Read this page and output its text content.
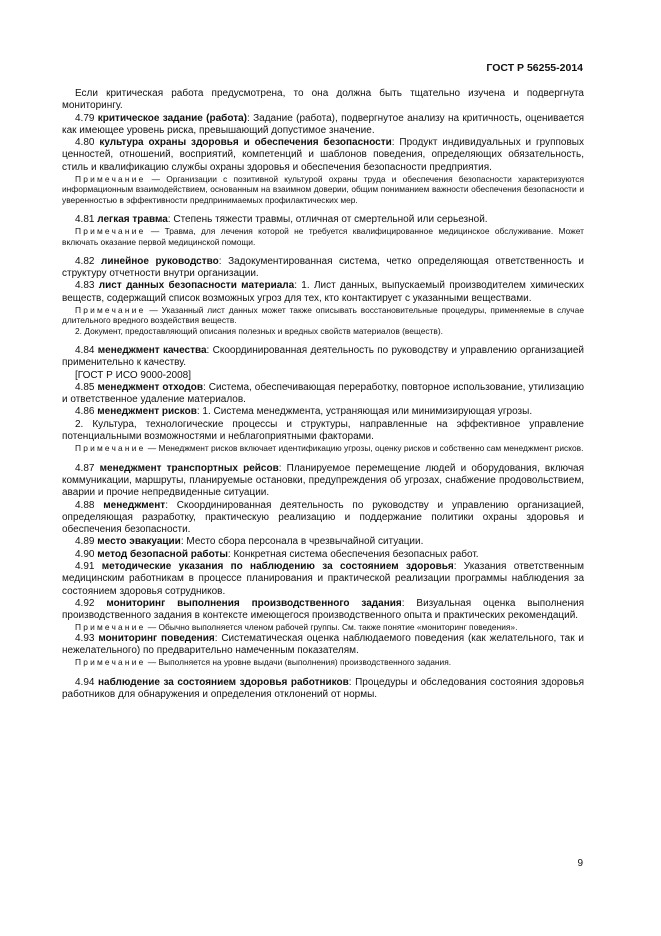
ГОСТ Р 56255-2014

Если критическая работа предусмотрена, то она должна быть тщательно изучена и подвергнута мониторингу.

4.79 критическое задание (работа): Задание (работа), подвергнутое анализу на критичность, оценивается как имеющее уровень риска, превышающий допустимое значение.

4.80 культура охраны здоровья и обеспечения безопасности: Продукт индивидуальных и групповых ценностей, отношений, восприятий, компетенций и шаблонов поведения, определяющих обязательность, стиль и квалификацию службы охраны здоровья и обеспечения безопасности предприятия.

Примечание — Организации с позитивной культурой охраны труда и обеспечения безопасности характеризуются информационным взаимодействием, основанным на взаимном доверии, общим пониманием важности обеспечения безопасности и уверенностью в эффективности предпринимаемых профилактических мер.

4.81 легкая травма: Степень тяжести травмы, отличная от смертельной или серьезной.

Примечание — Травма, для лечения которой не требуется квалифицированное медицинское обслуживание. Может включать оказание первой медицинской помощи.

4.82 линейное руководство: Задокументированная система, четко определяющая ответственность и структуру отчетности внутри организации.

4.83 лист данных безопасности материала: 1. Лист данных, выпускаемый производителем химических веществ, содержащий список возможных угроз для тех, кто контактирует с указанными веществами.

Примечание — Указанный лист данных может также описывать восстановительные процедуры, применяемые в случае длительного вредного воздействия веществ.

2. Документ, предоставляющий описания полезных и вредных свойств материалов (веществ).

4.84 менеджмент качества: Скоординированная деятельность по руководству и управлению организацией применительно к качеству.

[ГОСТ Р ИСО 9000-2008]

4.85 менеджмент отходов: Система, обеспечивающая переработку, повторное использование, утилизацию и ответственное удаление материалов.

4.86 менеджмент рисков: 1. Система менеджмента, устраняющая или минимизирующая угрозы.

2. Культура, технологические процессы и структуры, направленные на эффективное управление потенциальными возможностями и неблагоприятными факторами.

Примечание — Менеджмент рисков включает идентификацию угрозы, оценку рисков и собственно сам менеджмент рисков.

4.87 менеджмент транспортных рейсов: Планируемое перемещение людей и оборудования, включая коммуникации, маршруты, планируемые остановки, предупреждения об угрозах, снабжение продовольствием, аварии и прочие непредвиденные ситуации.

4.88 менеджмент: Скоординированная деятельность по руководству и управлению организацией, определяющая разработку, практическую реализацию и поддержание политики охраны здоровья и обеспечения безопасности.

4.89 место эвакуации: Место сбора персонала в чрезвычайной ситуации.

4.90 метод безопасной работы: Конкретная система обеспечения безопасных работ.

4.91 методические указания по наблюдению за состоянием здоровья: Указания ответственным медицинским работникам в процессе планирования и практической реализации программы наблюдения за состоянием здоровья сотрудников.

4.92 мониторинг выполнения производственного задания: Визуальная оценка выполнения производственного задания в контексте имеющегося производственного опыта и практических рекомендаций.

Примечание — Обычно выполняется членом рабочей группы. См. также понятие «мониторинг поведения».

4.93 мониторинг поведения: Систематическая оценка наблюдаемого поведения (как желательного, так и нежелательного) по предварительно намеченным показателям.

Примечание — Выполняется на уровне выдачи (выполнения) производственного задания.

4.94 наблюдение за состоянием здоровья работников: Процедуры и обследования состояния здоровья работников для обнаружения и определения отклонений от нормы.

9
